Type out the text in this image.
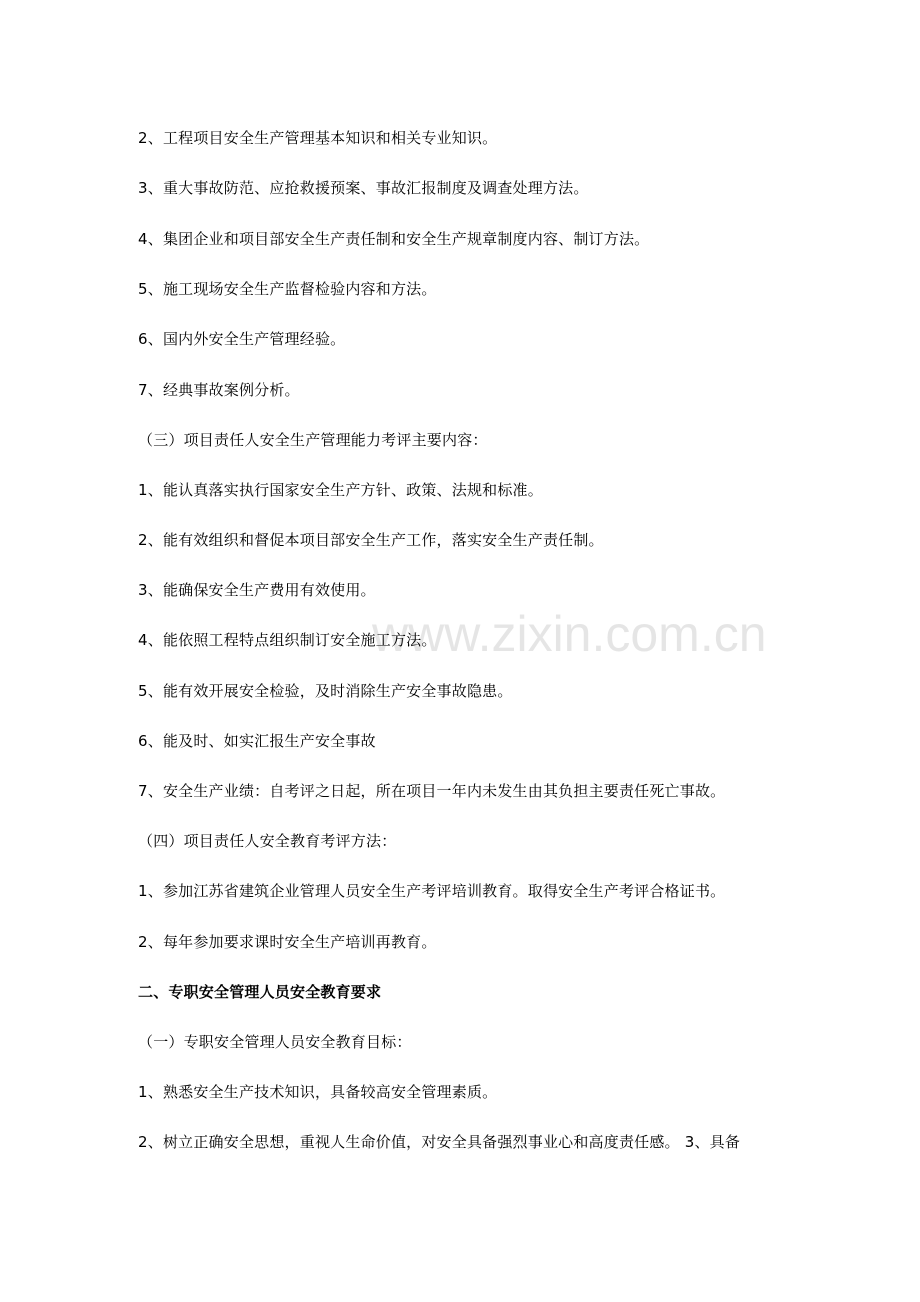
2、工程项目安全生产管理基本知识和相关专业知识。
3、重大事故防范、应抢救援预案、事故汇报制度及调查处理方法。
4、集团企业和项目部安全生产责任制和安全生产规章制度内容、制订方法。
5、施工现场安全生产监督检验内容和方法。
6、国内外安全生产管理经验。
7、经典事故案例分析。
（三）项目责任人安全生产管理能力考评主要内容：
1、能认真落实执行国家安全生产方针、政策、法规和标准。
2、能有效组织和督促本项目部安全生产工作，落实安全生产责任制。
3、能确保安全生产费用有效使用。
4、能依照工程特点组织制订安全施工方法。
5、能有效开展安全检验，及时消除生产安全事故隐患。
6、能及时、如实汇报生产安全事故
7、安全生产业绩：自考评之日起，所在项目一年内未发生由其负担主要责任死亡事故。
（四）项目责任人安全教育考评方法：
1、参加江苏省建筑企业管理人员安全生产考评培训教育。取得安全生产考评合格证书。
2、每年参加要求课时安全生产培训再教育。
二、专职安全管理人员安全教育要求
（一）专职安全管理人员安全教育目标：
1、熟悉安全生产技术知识，具备较高安全管理素质。
2、树立正确安全思想，重视人生命价值，对安全具备强烈事业心和高度责任感。 3、具备
www.zixin.com.cn
